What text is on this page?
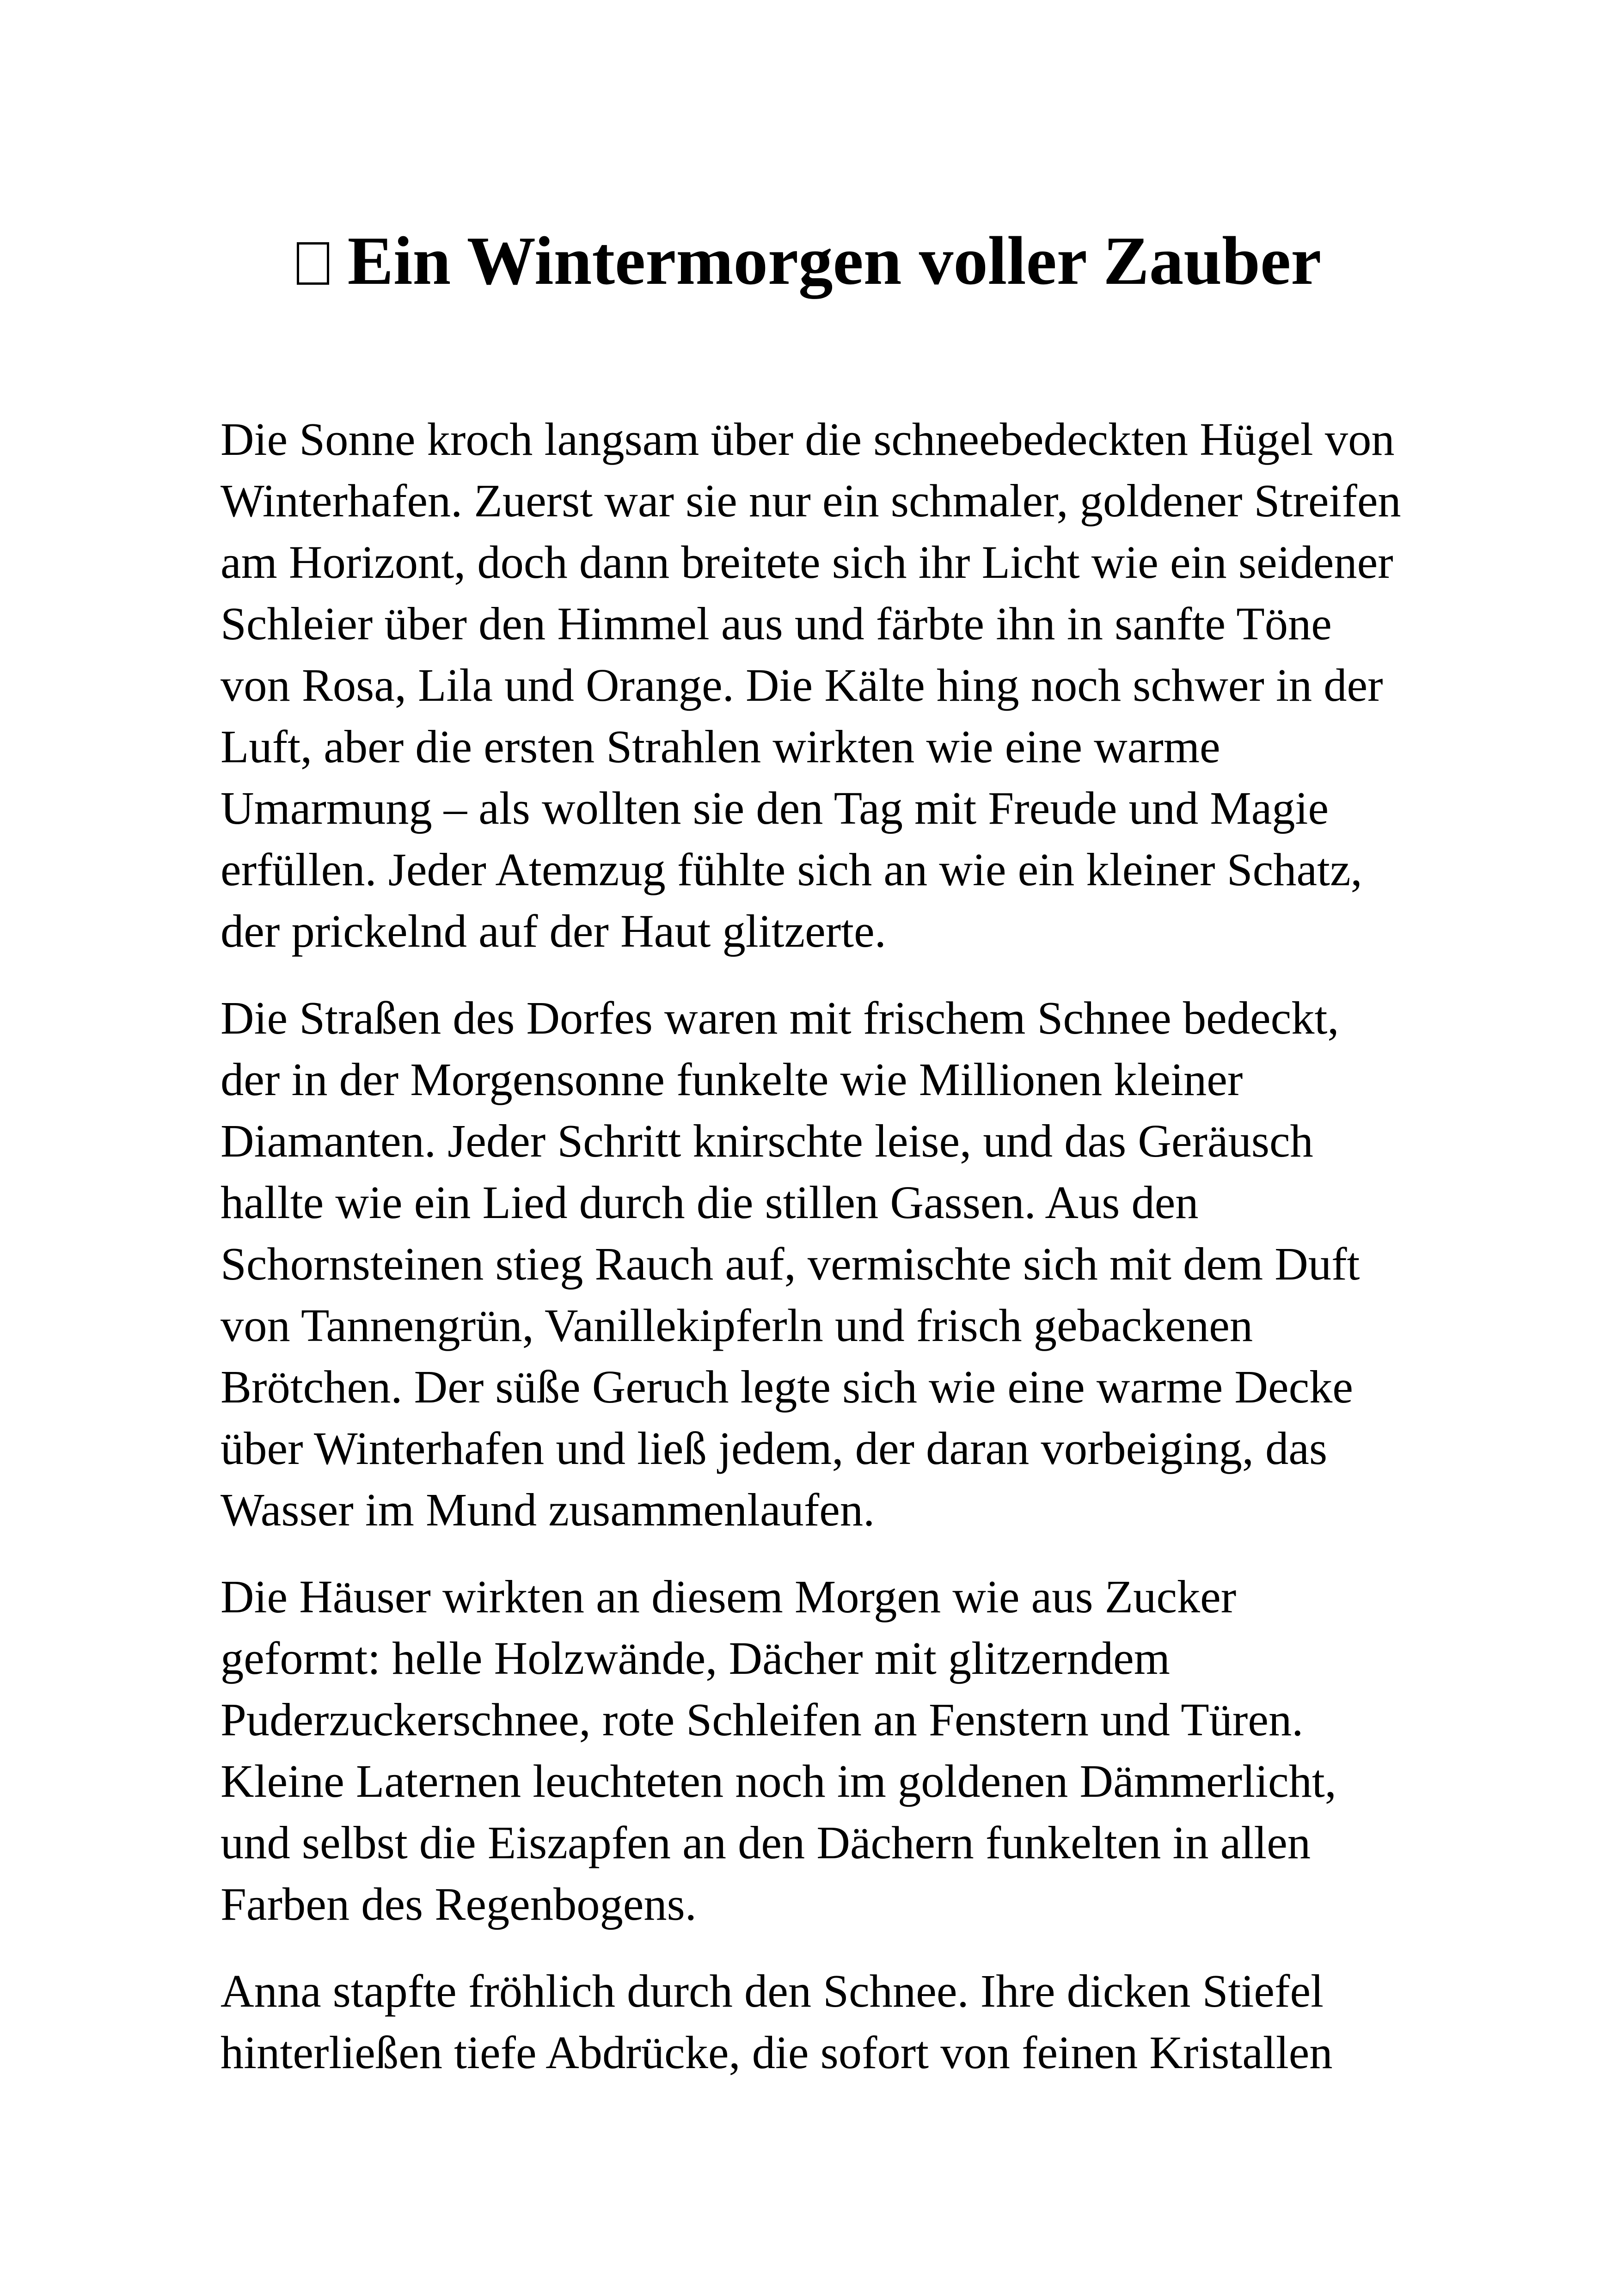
Ein Wintermorgen voller Zauber

Die Sonne kroch langsam über die schneebedeckten Hügel von
Winterhafen. Zuerst war sie nur ein schmaler, goldener Streifen
am Horizont, doch dann breitete sich ihr Licht wie ein seidener
Schleier über den Himmel aus und färbte ihn in sanfte Töne
von Rosa, Lila und Orange. Die Kälte hing noch schwer in der
Luft, aber die ersten Strahlen wirkten wie eine warme
Umarmung – als wollten sie den Tag mit Freude und Magie
erfüllen. Jeder Atemzug fühlte sich an wie ein kleiner Schatz,
der prickelnd auf der Haut glitzerte.

Die Straßen des Dorfes waren mit frischem Schnee bedeckt,
der in der Morgensonne funkelte wie Millionen kleiner
Diamanten. Jeder Schritt knirschte leise, und das Geräusch
hallte wie ein Lied durch die stillen Gassen. Aus den
Schornsteinen stieg Rauch auf, vermischte sich mit dem Duft
von Tannengrün, Vanillekipferln und frisch gebackenen
Brötchen. Der süße Geruch legte sich wie eine warme Decke
über Winterhafen und ließ jedem, der daran vorbeiging, das
Wasser im Mund zusammenlaufen.

Die Häuser wirkten an diesem Morgen wie aus Zucker
geformt: helle Holzwände, Dächer mit glitzerndem
Puderzuckerschnee, rote Schleifen an Fenstern und Türen.
Kleine Laternen leuchteten noch im goldenen Dämmerlicht,
und selbst die Eiszapfen an den Dächern funkelten in allen
Farben des Regenbogens.

Anna stapfte fröhlich durch den Schnee. Ihre dicken Stiefel
hinterließen tiefe Abdrücke, die sofort von feinen Kristallen
